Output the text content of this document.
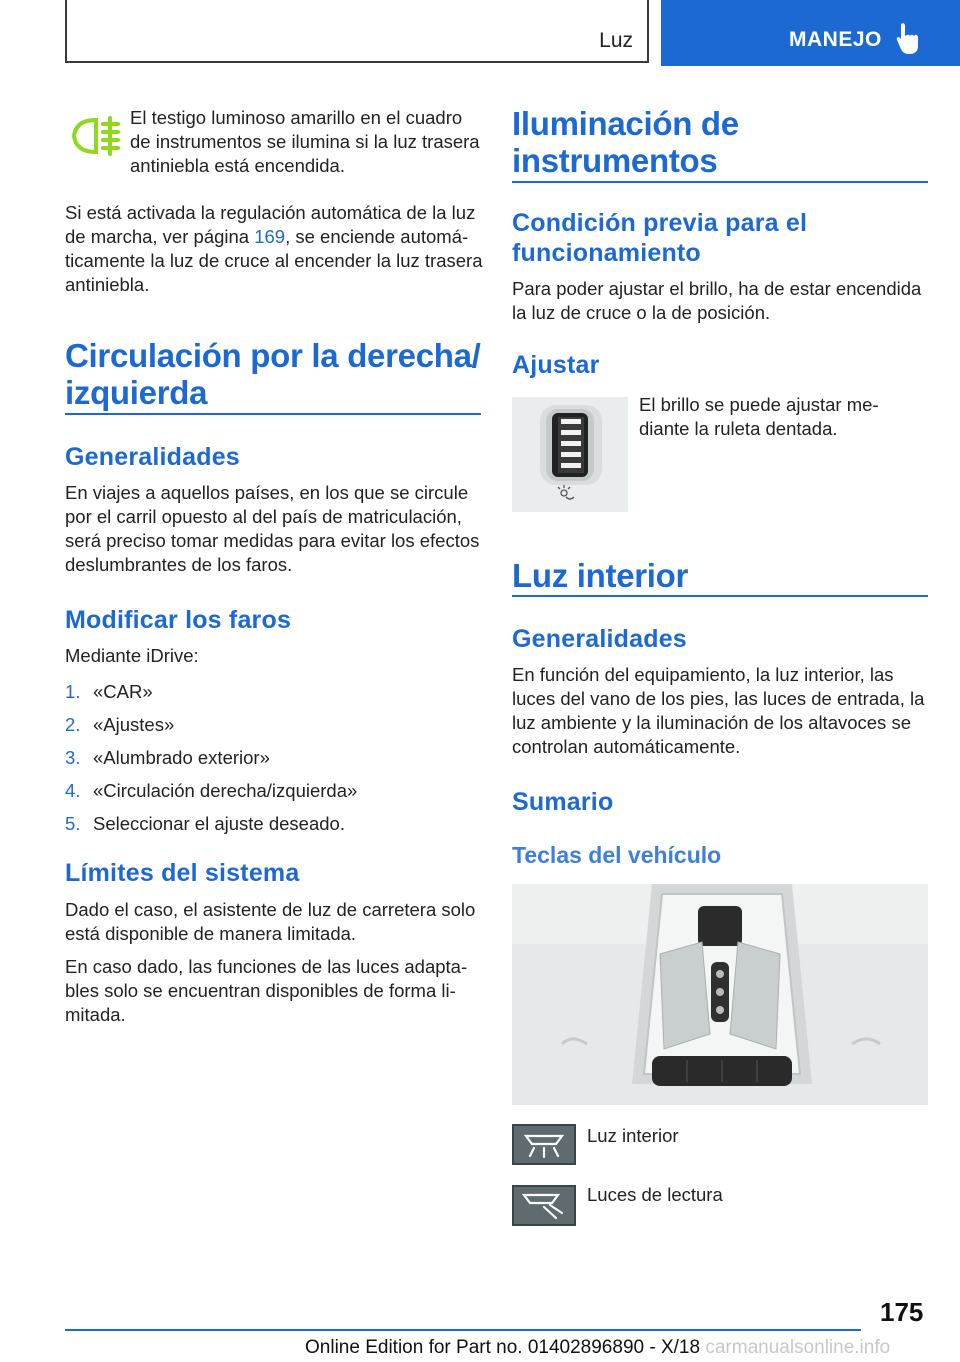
Luz	MANEJO
El testigo luminoso amarillo en el cuadro de instrumentos se ilumina si la luz trasera antiniebla está encendida.
Si está activada la regulación automática de la luz de marcha, ver página 169, se enciende automáticamente la luz de cruce al encender la luz trasera antiniebla.
Circulación por la derecha/ izquierda
Generalidades
En viajes a aquellos países, en los que se circule por el carril opuesto al del país de matriculación, será preciso tomar medidas para evitar los efectos deslumbrantes de los faros.
Modificar los faros
Mediante iDrive:
1. «CAR»
2. «Ajustes»
3. «Alumbrado exterior»
4. «Circulación derecha/izquierda»
5. Seleccionar el ajuste deseado.
Límites del sistema
Dado el caso, el asistente de luz de carretera solo está disponible de manera limitada.
En caso dado, las funciones de las luces adaptables solo se encuentran disponibles de forma limitada.
Iluminación de instrumentos
Condición previa para el funcionamiento
Para poder ajustar el brillo, ha de estar encendida la luz de cruce o la de posición.
Ajustar
El brillo se puede ajustar mediante la ruleta dentada.
Luz interior
Generalidades
En función del equipamiento, la luz interior, las luces del vano de los pies, las luces de entrada, la luz ambiente y la iluminación de los altavoces se controlan automáticamente.
Sumario
Teclas del vehículo
Luz interior
Luces de lectura
175
Online Edition for Part no. 01402896890 - X/18 carmanualsonline.info
